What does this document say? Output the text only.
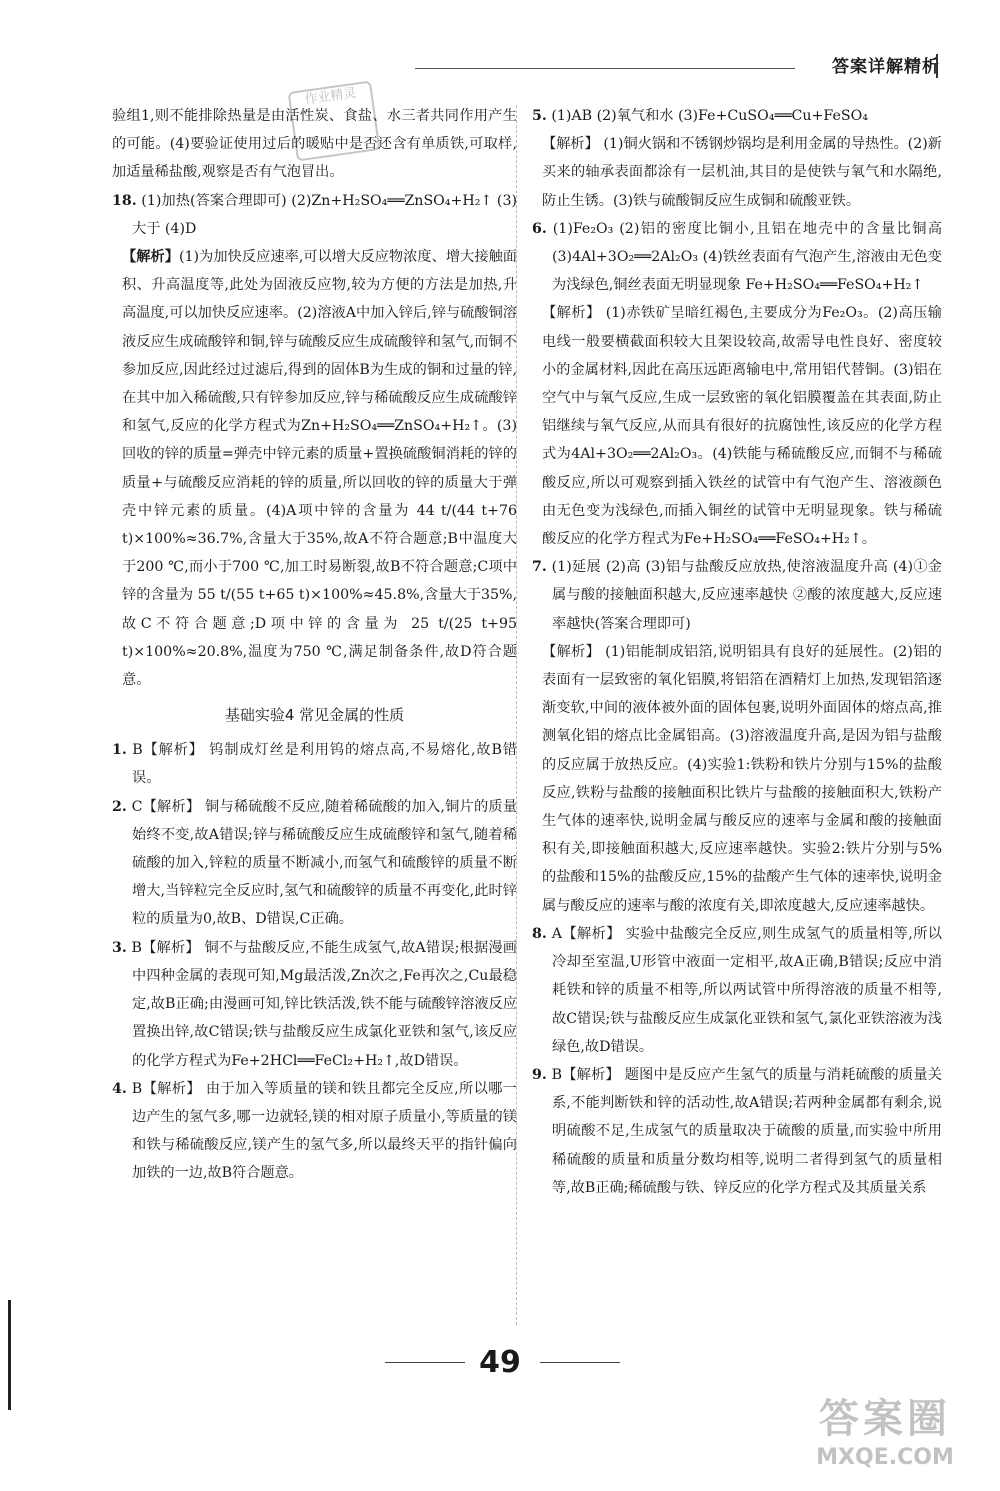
答案详解精析
作业精灵

验组1,则不能排除热量是由活性炭、食盐、水三者共同作用产生的可能。(4)要验证使用过后的暖贴中是否还含有单质铁,可取样,加适量稀盐酸,观察是否有气泡冒出。

18. (1)加热(答案合理即可) (2)Zn+H₂SO₄══ZnSO₄+H₂↑ (3)大于 (4)D

【解析】(1)为加快反应速率,可以增大反应物浓度、增大接触面积、升高温度等,此处为固液反应物,较为方便的方法是加热,升高温度,可以加快反应速率。(2)溶液A中加入锌后,锌与硫酸铜溶液反应生成硫酸锌和铜,锌与硫酸反应生成硫酸锌和氢气,而铜不参加反应,因此经过过滤后,得到的固体B为生成的铜和过量的锌,在其中加入稀硫酸,只有锌参加反应,锌与稀硫酸反应生成硫酸锌和氢气,反应的化学方程式为Zn+H₂SO₄══ZnSO₄+H₂↑。(3)回收的锌的质量=弹壳中锌元素的质量+置换硫酸铜消耗的锌的质量+与硫酸反应消耗的锌的质量,所以回收的锌的质量大于弹壳中锌元素的质量。(4)A项中锌的含量为 44 t/(44 t+76 t)×100%≈36.7%,含量大于35%,故A不符合题意;B中温度大于200 ℃,而小于700 ℃,加工时易断裂,故B不符合题意;C项中锌的含量为 55 t/(55 t+65 t)×100%≈45.8%,含量大于35%,故C不符合题意;D项中锌的含量为 25 t/(25 t+95 t)×100%≈20.8%,温度为750 ℃,满足制备条件,故D符合题意。

基础实验4 常见金属的性质

1. B【解析】 钨制成灯丝是利用钨的熔点高,不易熔化,故B错误。

2. C【解析】 铜与稀硫酸不反应,随着稀硫酸的加入,铜片的质量始终不变,故A错误;锌与稀硫酸反应生成硫酸锌和氢气,随着稀硫酸的加入,锌粒的质量不断减小,而氢气和硫酸锌的质量不断增大,当锌粒完全反应时,氢气和硫酸锌的质量不再变化,此时锌粒的质量为0,故B、D错误,C正确。

3. B【解析】 铜不与盐酸反应,不能生成氢气,故A错误;根据漫画中四种金属的表现可知,Mg最活泼,Zn次之,Fe再次之,Cu最稳定,故B正确;由漫画可知,锌比铁活泼,铁不能与硫酸锌溶液反应置换出锌,故C错误;铁与盐酸反应生成氯化亚铁和氢气,该反应的化学方程式为Fe+2HCl══FeCl₂+H₂↑,故D错误。

4. B【解析】 由于加入等质量的镁和铁且都完全反应,所以哪一边产生的氢气多,哪一边就轻,镁的相对原子质量小,等质量的镁和铁与稀硫酸反应,镁产生的氢气多,所以最终天平的指针偏向加铁的一边,故B符合题意。

5. (1)AB (2)氧气和水 (3)Fe+CuSO₄══Cu+FeSO₄

【解析】 (1)铜火锅和不锈钢炒锅均是利用金属的导热性。(2)新买来的轴承表面都涂有一层机油,其目的是使铁与氧气和水隔绝,防止生锈。(3)铁与硫酸铜反应生成铜和硫酸亚铁。

6. (1)Fe₂O₃ (2)铝的密度比铜小,且铝在地壳中的含量比铜高 (3)4Al+3O₂══2Al₂O₃ (4)铁丝表面有气泡产生,溶液由无色变为浅绿色,铜丝表面无明显现象 Fe+H₂SO₄══FeSO₄+H₂↑

【解析】 (1)赤铁矿呈暗红褐色,主要成分为Fe₂O₃。(2)高压输电线一般要横截面积较大且架设较高,故需导电性良好、密度较小的金属材料,因此在高压远距离输电中,常用铝代替铜。(3)铝在空气中与氧气反应,生成一层致密的氧化铝膜覆盖在其表面,防止铝继续与氧气反应,从而具有很好的抗腐蚀性,该反应的化学方程式为4Al+3O₂══2Al₂O₃。(4)铁能与稀硫酸反应,而铜不与稀硫酸反应,所以可观察到插入铁丝的试管中有气泡产生、溶液颜色由无色变为浅绿色,而插入铜丝的试管中无明显现象。铁与稀硫酸反应的化学方程式为Fe+H₂SO₄══FeSO₄+H₂↑。

7. (1)延展 (2)高 (3)铝与盐酸反应放热,使溶液温度升高 (4)①金属与酸的接触面积越大,反应速率越快 ②酸的浓度越大,反应速率越快(答案合理即可)

【解析】 (1)铝能制成铝箔,说明铝具有良好的延展性。(2)铝的表面有一层致密的氧化铝膜,将铝箔在酒精灯上加热,发现铝箔逐渐变软,中间的液体被外面的固体包裹,说明外面固体的熔点高,推测氧化铝的熔点比金属铝高。(3)溶液温度升高,是因为铝与盐酸的反应属于放热反应。(4)实验1:铁粉和铁片分别与15%的盐酸反应,铁粉与盐酸的接触面积比铁片与盐酸的接触面积大,铁粉产生气体的速率快,说明金属与酸反应的速率与金属和酸的接触面积有关,即接触面积越大,反应速率越快。实验2:铁片分别与5%的盐酸和15%的盐酸反应,15%的盐酸产生气体的速率快,说明金属与酸反应的速率与酸的浓度有关,即浓度越大,反应速率越快。

8. A【解析】 实验中盐酸完全反应,则生成氢气的质量相等,所以冷却至室温,U形管中液面一定相平,故A正确,B错误;反应中消耗铁和锌的质量不相等,所以两试管中所得溶液的质量不相等,故C错误;铁与盐酸反应生成氯化亚铁和氢气,氯化亚铁溶液为浅绿色,故D错误。

9. B【解析】 题图中是反应产生氢气的质量与消耗硫酸的质量关系,不能判断铁和锌的活动性,故A错误;若两种金属都有剩余,说明硫酸不足,生成氢气的质量取决于硫酸的质量,而实验中所用稀硫酸的质量和质量分数均相等,说明二者得到氢气的质量相等,故B正确;稀硫酸与铁、锌反应的化学方程式及其质量关系

49
答案圈
MXQE.COM
